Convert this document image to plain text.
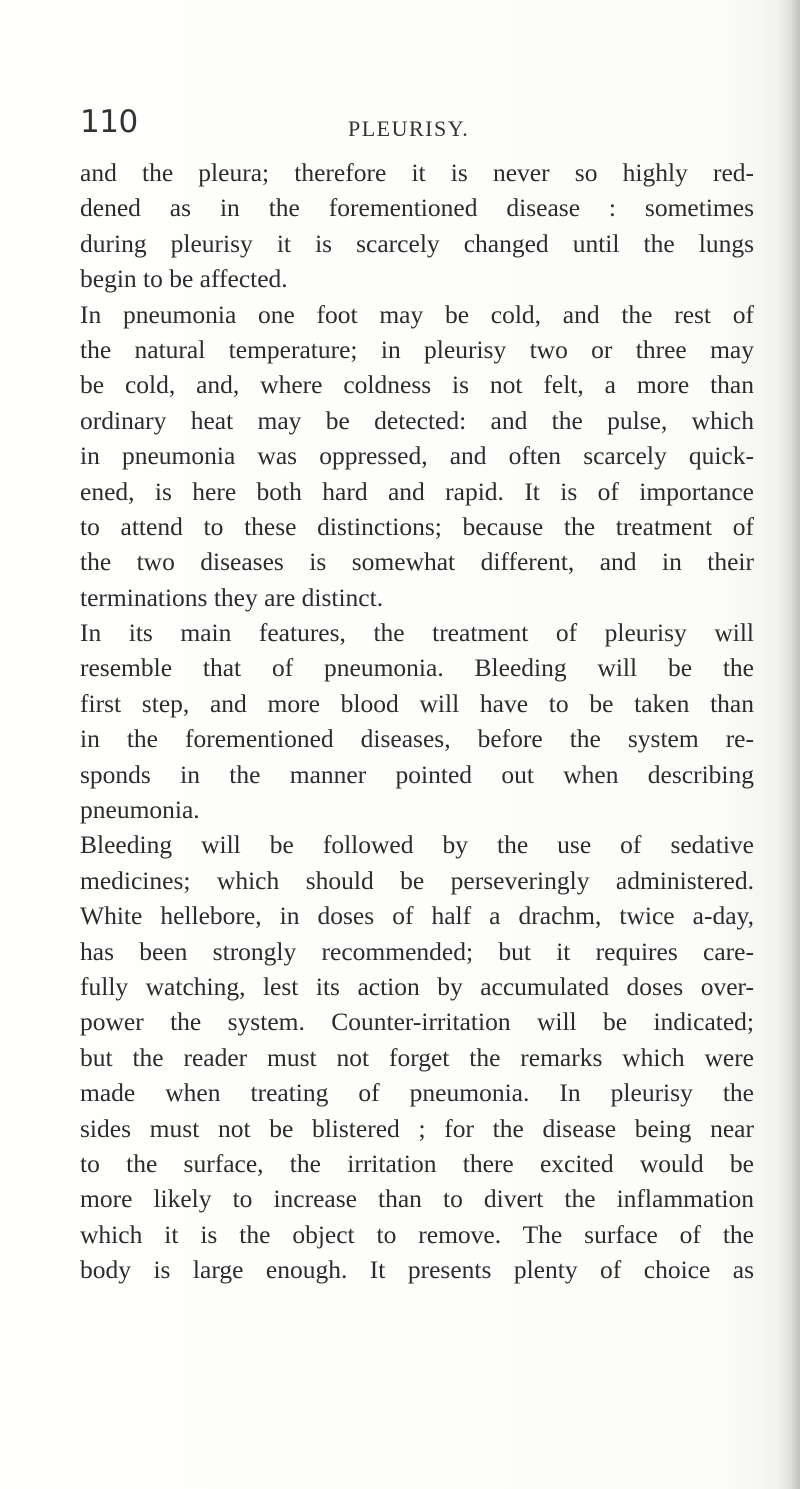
110	PLEURISY.
and the pleura; therefore it is never so highly red-
dened as in the forementioned disease : sometimes
during pleurisy it is scarcely changed until the lungs
begin to be affected.
In pneumonia one foot may be cold, and the rest of
the natural temperature; in pleurisy two or three may
be cold, and, where coldness is not felt, a more than
ordinary heat may be detected: and the pulse, which
in pneumonia was oppressed, and often scarcely quick-
ened, is here both hard and rapid. It is of importance
to attend to these distinctions; because the treatment of
the two diseases is somewhat different, and in their
terminations they are distinct.
In its main features, the treatment of pleurisy will
resemble that of pneumonia. Bleeding will be the
first step, and more blood will have to be taken than
in the forementioned diseases, before the system re-
sponds in the manner pointed out when describing
pneumonia.
Bleeding will be followed by the use of sedative
medicines; which should be perseveringly administered.
White hellebore, in doses of half a drachm, twice a-day,
has been strongly recommended; but it requires care-
fully watching, lest its action by accumulated doses over-
power the system. Counter-irritation will be indicated;
but the reader must not forget the remarks which were
made when treating of pneumonia. In pleurisy the
sides must not be blistered ; for the disease being near
to the surface, the irritation there excited would be
more likely to increase than to divert the inflammation
which it is the object to remove. The surface of the
body is large enough. It presents plenty of choice as
